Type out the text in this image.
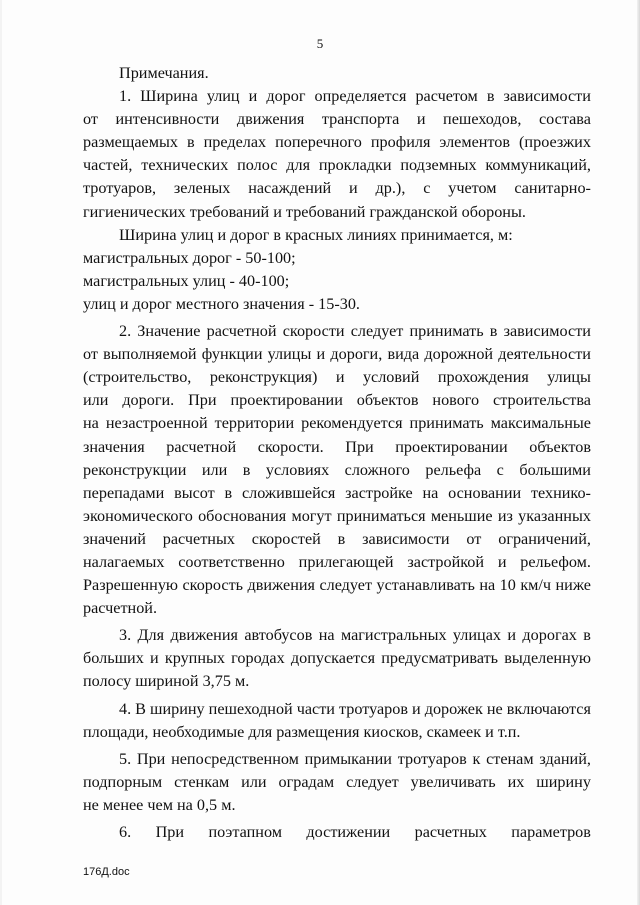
5
Примечания.
1. Ширина улиц и дорог определяется расчетом в зависимости
от интенсивности движения транспорта и пешеходов, состава
размещаемых в пределах поперечного профиля элементов (проезжих
частей, технических полос для прокладки подземных коммуникаций,
тротуаров, зеленых насаждений и др.), с учетом санитарно-
гигиенических требований и требований гражданской обороны.
Ширина улиц и дорог в красных линиях принимается, м:
магистральных дорог - 50-100;
магистральных улиц - 40-100;
улиц и дорог местного значения - 15-30.
2. Значение расчетной скорости следует принимать в зависимости
от выполняемой функции улицы и дороги, вида дорожной деятельности
(строительство, реконструкция) и условий прохождения улицы
или дороги. При проектировании объектов нового строительства
на незастроенной территории рекомендуется принимать максимальные
значения расчетной скорости. При проектировании объектов
реконструкции или в условиях сложного рельефа с большими
перепадами высот в сложившейся застройке на основании технико-
экономического обоснования могут приниматься меньшие из указанных
значений расчетных скоростей в зависимости от ограничений,
налагаемых соответственно прилегающей застройкой и рельефом.
Разрешенную скорость движения следует устанавливать на 10 км/ч ниже
расчетной.
3. Для движения автобусов на магистральных улицах и дорогах в
больших и крупных городах допускается предусматривать выделенную
полосу шириной 3,75 м.
4. В ширину пешеходной части тротуаров и дорожек не включаются
площади, необходимые для размещения киосков, скамеек и т.п.
5. При непосредственном примыкании тротуаров к стенам зданий,
подпорным стенкам или оградам следует увеличивать их ширину
не менее чем на 0,5 м.
6. При поэтапном достижении расчетных параметров
176Д.doc
